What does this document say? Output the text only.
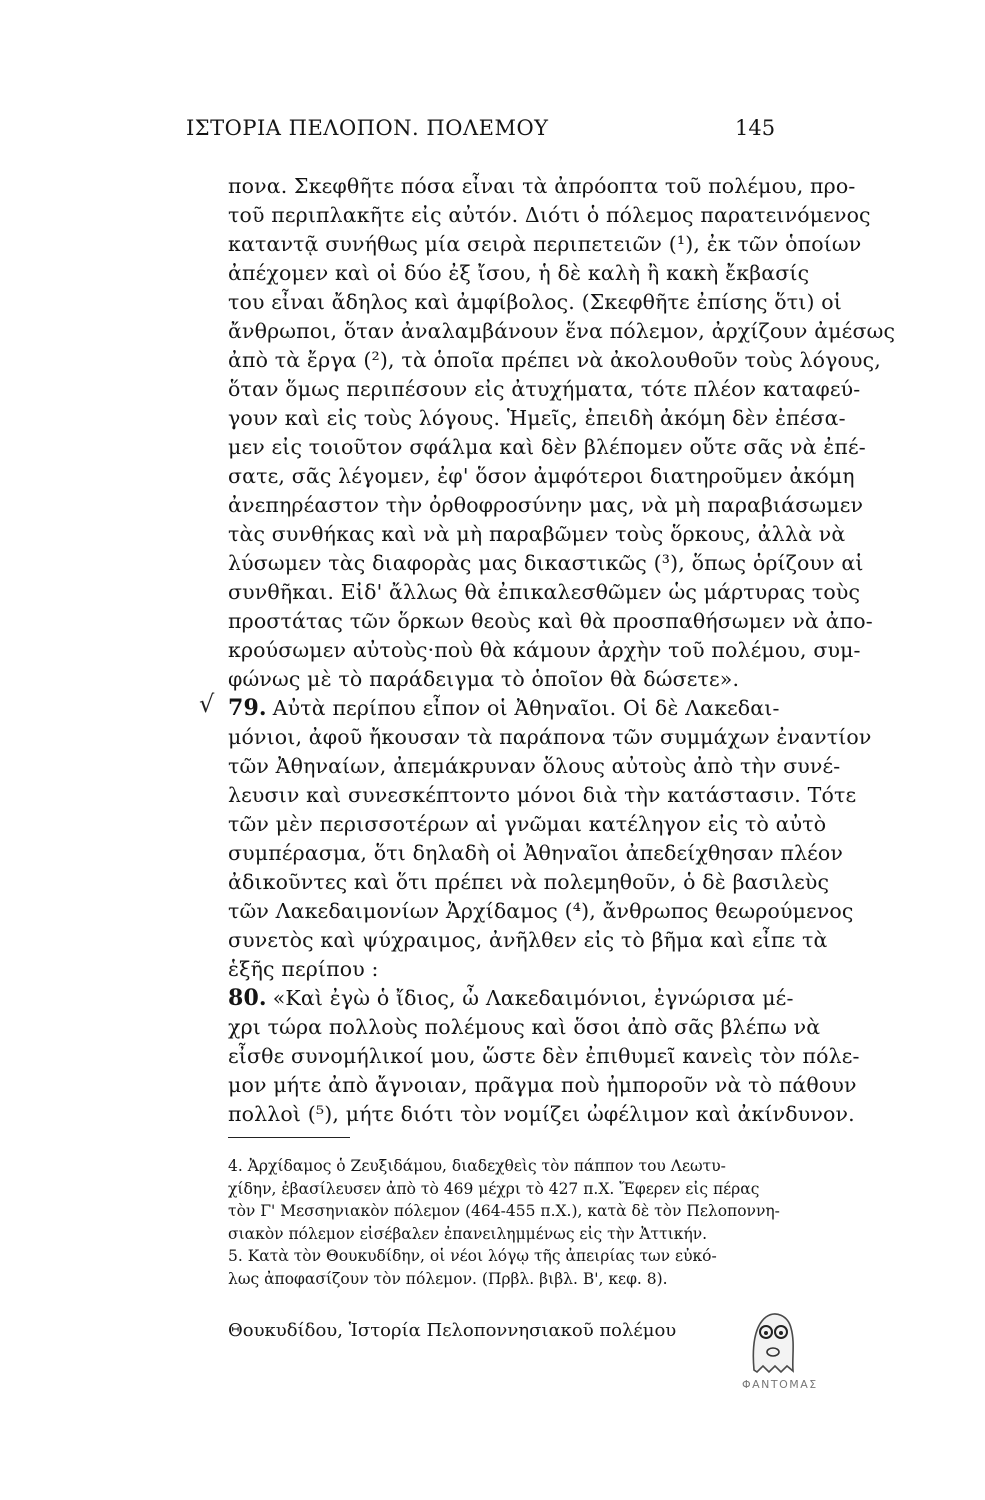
ΙΣΤΟΡΙΑ ΠΕΛΟΠΟΝ. ΠΟΛΕΜΟΥ	145
πονα. Σκεφθῆτε πόσα εἶναι τὰ ἀπρόοπτα τοῦ πολέμου, προ-
τοῦ περιπλακῆτε εἰς αὐτόν. Διότι ὁ πόλεμος παρατεινόμενος
καταντᾷ συνήθως μία σειρὰ περιπετειῶν (¹), ἐκ τῶν ὁποίων
ἀπέχομεν καὶ οἱ δύο ἐξ ἴσου, ἡ δὲ καλὴ ἢ κακὴ ἔκβασίς
του εἶναι ἄδηλος καὶ ἀμφίβολος. (Σκεφθῆτε ἐπίσης ὅτι) οἱ
ἄνθρωποι, ὅταν ἀναλαμβάνουν ἕνα πόλεμον, ἀρχίζουν ἀμέσως
ἀπὸ τὰ ἔργα (²), τὰ ὁποῖα πρέπει νὰ ἀκολουθοῦν τοὺς λόγους,
ὅταν ὅμως περιπέσουν εἰς ἀτυχήματα, τότε πλέον καταφεύ-
γουν καὶ εἰς τοὺς λόγους. Ἡμεῖς, ἐπειδὴ ἀκόμη δὲν ἐπέσα-
μεν εἰς τοιοῦτον σφάλμα καὶ δὲν βλέπομεν οὔτε σᾶς νὰ ἐπέ-
σατε, σᾶς λέγομεν, ἐφ' ὅσον ἀμφότεροι διατηροῦμεν ἀκόμη
ἀνεπηρέαστον τὴν ὀρθοφροσύνην μας, νὰ μὴ παραβιάσωμεν
τὰς συνθήκας καὶ νὰ μὴ παραβῶμεν τοὺς ὅρκους, ἀλλὰ νὰ
λύσωμεν τὰς διαφορὰς μας δικαστικῶς (³), ὅπως ὁρίζουν αἱ
συνθῆκαι. Εἰδ' ἄλλως θὰ ἐπικαλεσθῶμεν ὡς μάρτυρας τοὺς
προστάτας τῶν ὅρκων θεοὺς καὶ θὰ προσπαθήσωμεν νὰ ἀπο-
κρούσωμεν αὐτοὺς·ποὺ θὰ κάμουν ἀρχὴν τοῦ πολέμου, συμ-
φώνως μὲ τὸ παράδειγμα τὸ ὁποῖον θὰ δώσετε».
79. Αὐτὰ περίπου εἶπον οἱ Ἀθηναῖοι. Οἱ δὲ Λακεδαι-
μόνιοι, ἀφοῦ ἤκουσαν τὰ παράπονα τῶν συμμάχων ἐναντίον
τῶν Ἀθηναίων, ἀπεμάκρυναν ὅλους αὐτοὺς ἀπὸ τὴν συνέ-
λευσιν καὶ συνεσκέπτοντο μόνοι διὰ τὴν κατάστασιν. Τότε
τῶν μὲν περισσοτέρων αἱ γνῶμαι κατέληγον εἰς τὸ αὐτὸ
συμπέρασμα, ὅτι δηλαδὴ οἱ Ἀθηναῖοι ἀπεδείχθησαν πλέον
ἀδικοῦντες καὶ ὅτι πρέπει νὰ πολεμηθοῦν, ὁ δὲ βασιλεὺς
τῶν Λακεδαιμονίων Ἀρχίδαμος (⁴), ἄνθρωπος θεωρούμενος
συνετὸς καὶ ψύχραιμος, ἀνῆλθεν εἰς τὸ βῆμα καὶ εἶπε τὰ
ἑξῆς περίπου :
80. «Καὶ ἐγὼ ὁ ἴδιος, ὦ Λακεδαιμόνιοι, ἐγνώρισα μέ-
χρι τώρα πολλοὺς πολέμους καὶ ὅσοι ἀπὸ σᾶς βλέπω νὰ
εἶσθε συνομήλικοί μου, ὥστε δὲν ἐπιθυμεῖ κανεὶς τὸν πόλε-
μον μήτε ἀπὸ ἄγνοιαν, πρᾶγμα ποὺ ἠμποροῦν νὰ τὸ πάθουν
πολλοὶ (⁵), μήτε διότι τὸν νομίζει ὠφέλιμον καὶ ἀκίνδυνον.
√
4. Ἀρχίδαμος ὁ Ζευξιδάμου, διαδεχθεὶς τὸν πάππον του Λεωτυ-
χίδην, ἐβασίλευσεν ἀπὸ τὸ 469 μέχρι τὸ 427 π.Χ. Ἔφερεν εἰς πέρας
τὸν Γ' Μεσσηνιακὸν πόλεμον (464-455 π.Χ.), κατὰ δὲ τὸν Πελοποννη-
σιακὸν πόλεμον εἰσέβαλεν ἐπανειλημμένως εἰς τὴν Ἀττικήν.
5. Κατὰ τὸν Θουκυδίδην, οἱ νέοι λόγῳ τῆς ἀπειρίας των εὐκό-
λως ἀποφασίζουν τὸν πόλεμον. (Πρβλ. βιβλ. Β', κεφ. 8).
Θουκυδίδου, Ἱστορία Πελοποννησιακοῦ πολέμου
ΦΑΝΤΟΜΑΣ
